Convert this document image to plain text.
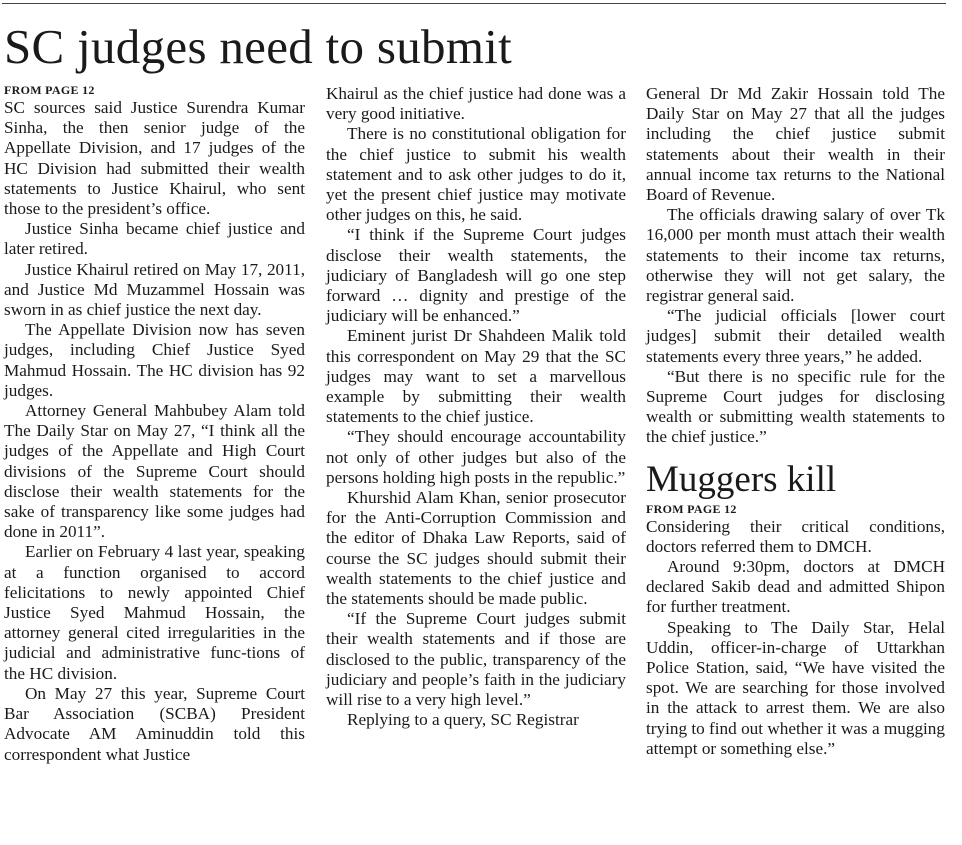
SC judges need to submit
FROM PAGE 12

SC sources said Justice Surendra Kumar Sinha, the then senior judge of the Appellate Division, and 17 judges of the HC Division had submitted their wealth statements to Justice Khairul, who sent those to the president’s office.

Justice Sinha became chief justice and later retired.

Justice Khairul retired on May 17, 2011, and Justice Md Muzammel Hossain was sworn in as chief justice the next day.

The Appellate Division now has seven judges, including Chief Justice Syed Mahmud Hossain. The HC division has 92 judges.

Attorney General Mahbubey Alam told The Daily Star on May 27, “I think all the judges of the Appellate and High Court divisions of the Supreme Court should disclose their wealth statements for the sake of transparency like some judges had done in 2011”.

Earlier on February 4 last year, speaking at a function organised to accord felicitations to newly appointed Chief Justice Syed Mahmud Hossain, the attorney general cited irregularities in the judicial and administrative func-tions of the HC division.

On May 27 this year, Supreme Court Bar Association (SCBA) President Advocate AM Aminuddin told this correspondent what Justice

Khairul as the chief justice had done was a very good initiative.

There is no constitutional obligation for the chief justice to submit his wealth statement and to ask other judges to do it, yet the present chief justice may motivate other judges on this, he said.

“I think if the Supreme Court judges disclose their wealth statements, the judiciary of Bangladesh will go one step forward … dignity and prestige of the judiciary will be enhanced.”

Eminent jurist Dr Shahdeen Malik told this correspondent on May 29 that the SC judges may want to set a marvellous example by submitting their wealth statements to the chief justice.

“They should encourage accountability not only of other judges but also of the persons holding high posts in the republic.”

Khurshid Alam Khan, senior prosecutor for the Anti-Corruption Commission and the editor of Dhaka Law Reports, said of course the SC judges should submit their wealth statements to the chief justice and the statements should be made public.

“If the Supreme Court judges submit their wealth statements and if those are disclosed to the public, transparency of the judiciary and people’s faith in the judiciary will rise to a very high level.”

Replying to a query, SC Registrar

General Dr Md Zakir Hossain told The Daily Star on May 27 that all the judges including the chief justice submit statements about their wealth in their annual income tax returns to the National Board of Revenue.

The officials drawing salary of over Tk 16,000 per month must attach their wealth statements to their income tax returns, otherwise they will not get salary, the registrar general said.

“The judicial officials [lower court judges] submit their detailed wealth statements every three years,” he added.

“But there is no specific rule for the Supreme Court judges for disclosing wealth or submitting wealth statements to the chief justice.”

Muggers kill
FROM PAGE 12

Considering their critical conditions, doctors referred them to DMCH.

Around 9:30pm, doctors at DMCH declared Sakib dead and admitted Shipon for further treatment.

Speaking to The Daily Star, Helal Uddin, officer-in-charge of Uttarkhan Police Station, said, “We have visited the spot. We are searching for those involved in the attack to arrest them. We are also trying to find out whether it was a mugging attempt or something else.”
